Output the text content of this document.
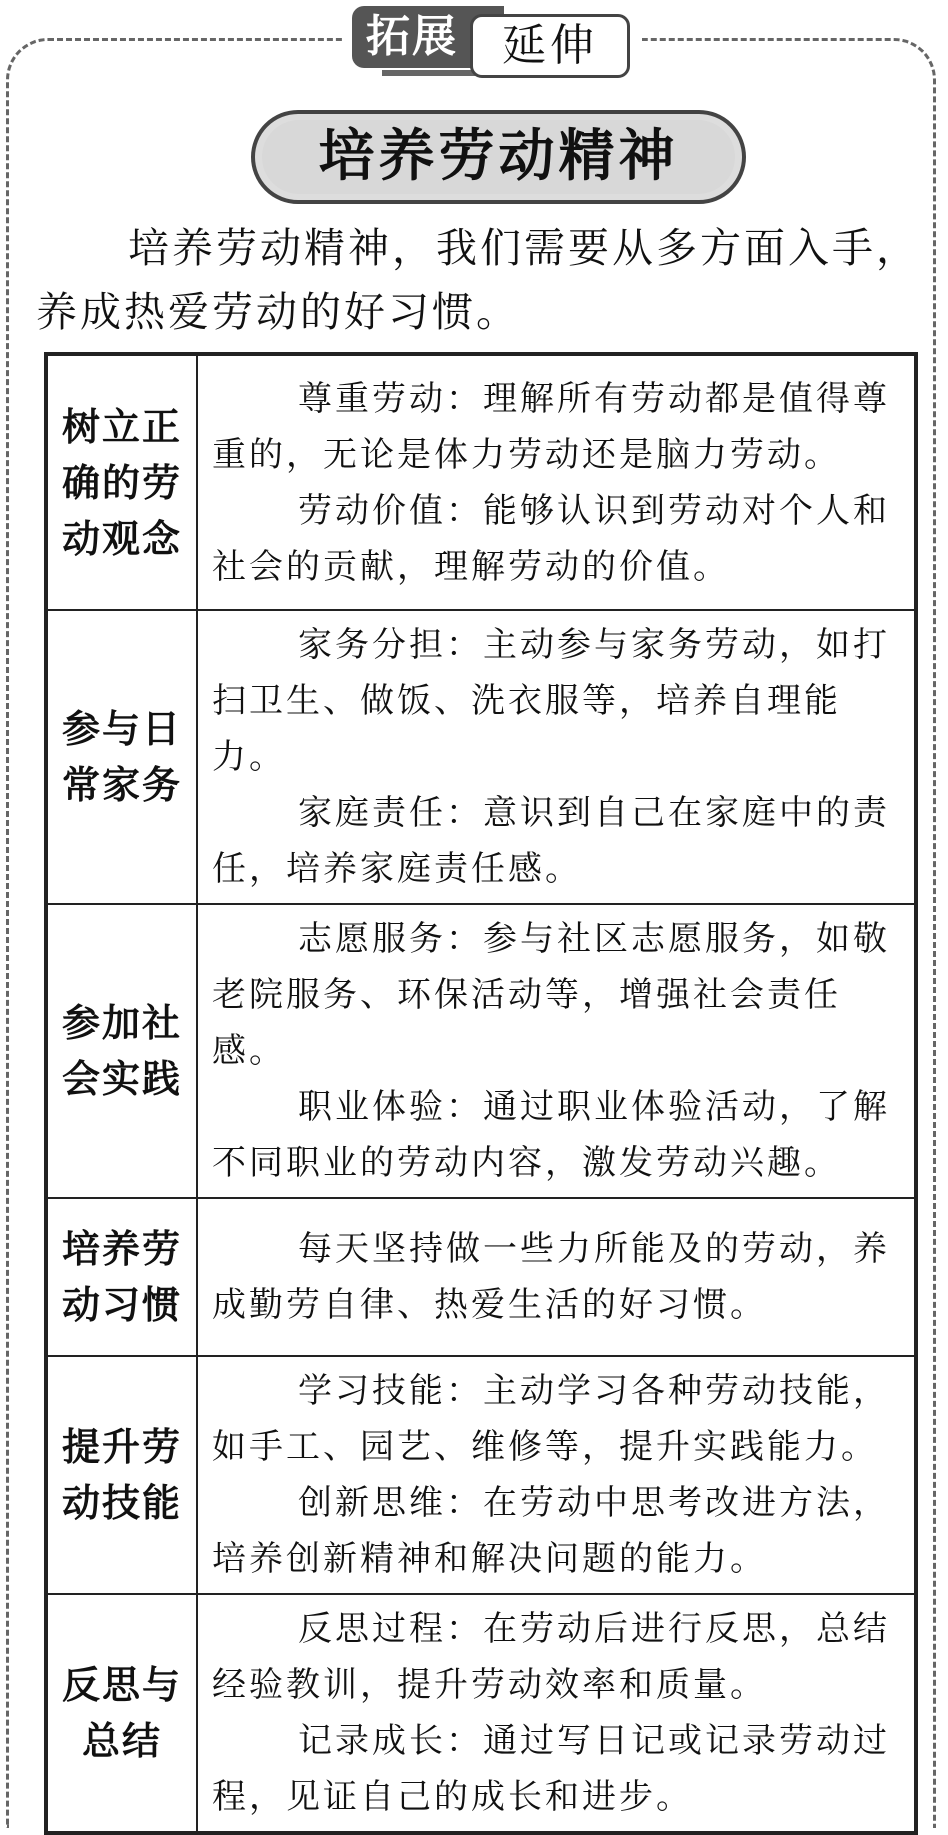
拓展	延伸
培养劳动精神
培养劳动精神，我们需要从多方面入手，养成热爱劳动的好习惯。
树立正确的劳动观念	尊重劳动：理解所有劳动都是值得尊重的，无论是体力劳动还是脑力劳动。

劳动价值：能够认识到劳动对个人和社会的贡献，理解劳动的价值。

参与日常家务	家务分担：主动参与家务劳动，如打扫卫生、做饭、洗衣服等，培养自理能力。

家庭责任：意识到自己在家庭中的责任，培养家庭责任感。

参加社会实践	志愿服务：参与社区志愿服务，如敬老院服务、环保活动等，增强社会责任感。

职业体验：通过职业体验活动，了解不同职业的劳动内容，激发劳动兴趣。

培养劳动习惯	每天坚持做一些力所能及的劳动，养成勤劳自律、热爱生活的好习惯。

提升劳动技能	学习技能：主动学习各种劳动技能，如手工、园艺、维修等，提升实践能力。

创新思维：在劳动中思考改进方法，培养创新精神和解决问题的能力。

反思与总结	反思过程：在劳动后进行反思，总结经验教训，提升劳动效率和质量。

记录成长：通过写日记或记录劳动过程，见证自己的成长和进步。
